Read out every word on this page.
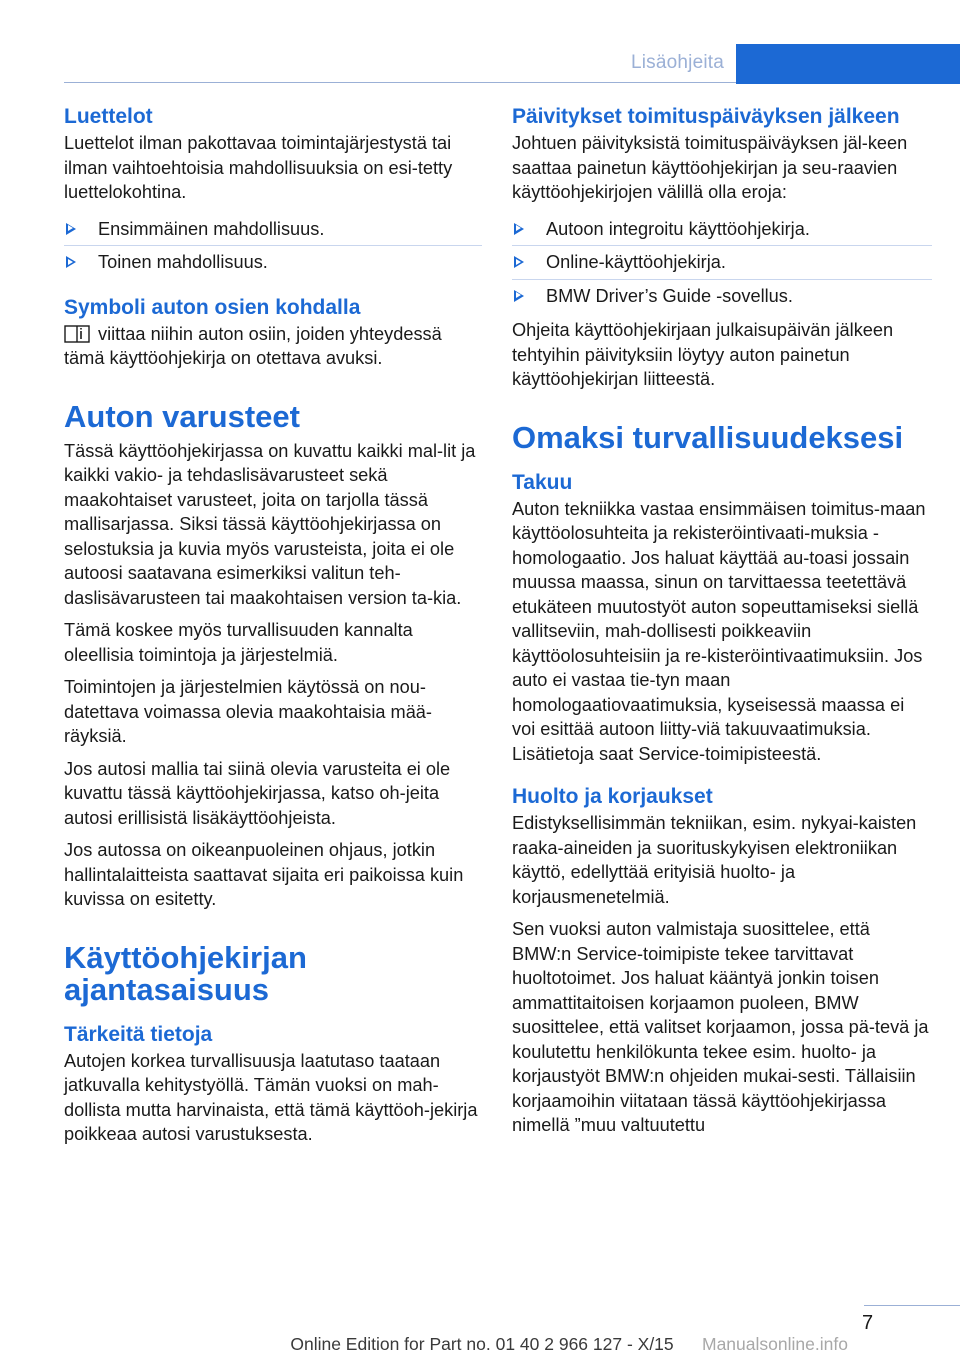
Lisäohjeita
Luettelot

Luettelot ilman pakottavaa toimintajärjestystä tai ilman vaihtoehtoisia mahdollisuuksia on esi-tetty luettelokohtina.

Ensimmäinen mahdollisuus.
Toinen mahdollisuus.
Symboli auton osien kohdalla

viittaa niihin auton osiin, joiden yhteydessä tämä käyttöohjekirja on otettava avuksi.

Auton varusteet

Tässä käyttöohjekirjassa on kuvattu kaikki mal-lit ja kaikki vakio- ja tehdaslisävarusteet sekä maakohtaiset varusteet, joita on tarjolla tässä mallisarjassa. Siksi tässä käyttöohjekirjassa on selostuksia ja kuvia myös varusteista, joita ei ole autoosi saatavana esimerkiksi valitun teh-daslisävarusteen tai maakohtaisen version ta-kia.

Tämä koskee myös turvallisuuden kannalta oleellisia toimintoja ja järjestelmiä.

Toimintojen ja järjestelmien käytössä on nou-datettava voimassa olevia maakohtaisia mää-räyksiä.

Jos autosi mallia tai siinä olevia varusteita ei ole kuvattu tässä käyttöohjekirjassa, katso oh-jeita autosi erillisistä lisäkäyttöohjeista.

Jos autossa on oikeanpuoleinen ohjaus, jotkin hallintalaitteista saattavat sijaita eri paikoissa kuin kuvissa on esitetty.

Käyttöohjekirjan ajantasaisuus
Tärkeitä tietoja

Autojen korkea turvallisuusja laatutaso taataan jatkuvalla kehitystyöllä. Tämän vuoksi on mah-dollista mutta harvinaista, että tämä käyttöoh-jekirja poikkeaa autosi varustuksesta.

Päivitykset toimituspäiväyksen jälkeen

Johtuen päivityksistä toimituspäiväyksen jäl-keen saattaa painetun käyttöohjekirjan ja seu-raavien käyttöohjekirjojen välillä olla eroja:

Autoon integroitu käyttöohjekirja.
Online-käyttöohjekirja.
BMW Driver’s Guide -sovellus.

Ohjeita käyttöohjekirjaan julkaisupäivän jälkeen tehtyihin päivityksiin löytyy auton painetun käyttöohjekirjan liitteestä.

Omaksi turvallisuudeksesi
Takuu

Auton tekniikka vastaa ensimmäisen toimitus-maan käyttöolosuhteita ja rekisteröintivaati-muksia - homologaatio. Jos haluat käyttää au-toasi jossain muussa maassa, sinun on tarvittaessa teetettävä etukäteen muutostyöt auton sopeuttamiseksi siellä vallitseviin, mah-dollisesti poikkeaviin käyttöolosuhteisiin ja re-kisteröintivaatimuksiin. Jos auto ei vastaa tie-tyn maan homologaatiovaatimuksia, kyseisessä maassa ei voi esittää autoon liitty-viä takuuvaatimuksia. Lisätietoja saat Service-toimipisteestä.

Huolto ja korjaukset

Edistyksellisimmän tekniikan, esim. nykyai-kaisten raaka-aineiden ja suorituskykyisen elektroniikan käyttö, edellyttää erityisiä huolto- ja korjausmenetelmiä.

Sen vuoksi auton valmistaja suosittelee, että BMW:n Service-toimipiste tekee tarvittavat huoltotoimet. Jos haluat kääntyä jonkin toisen ammattitaitoisen korjaamon puoleen, BMW suosittelee, että valitset korjaamon, jossa pä-tevä ja koulutettu henkilökunta tekee esim. huolto- ja korjaustyöt BMW:n ohjeiden mukai-sesti. Tällaisiin korjaamoihin viitataan tässä käyttöohjekirjassa nimellä ”muu valtuutettu

7
Online Edition for Part no. 01 40 2 966 127 - X/15	Manualsonline.info
